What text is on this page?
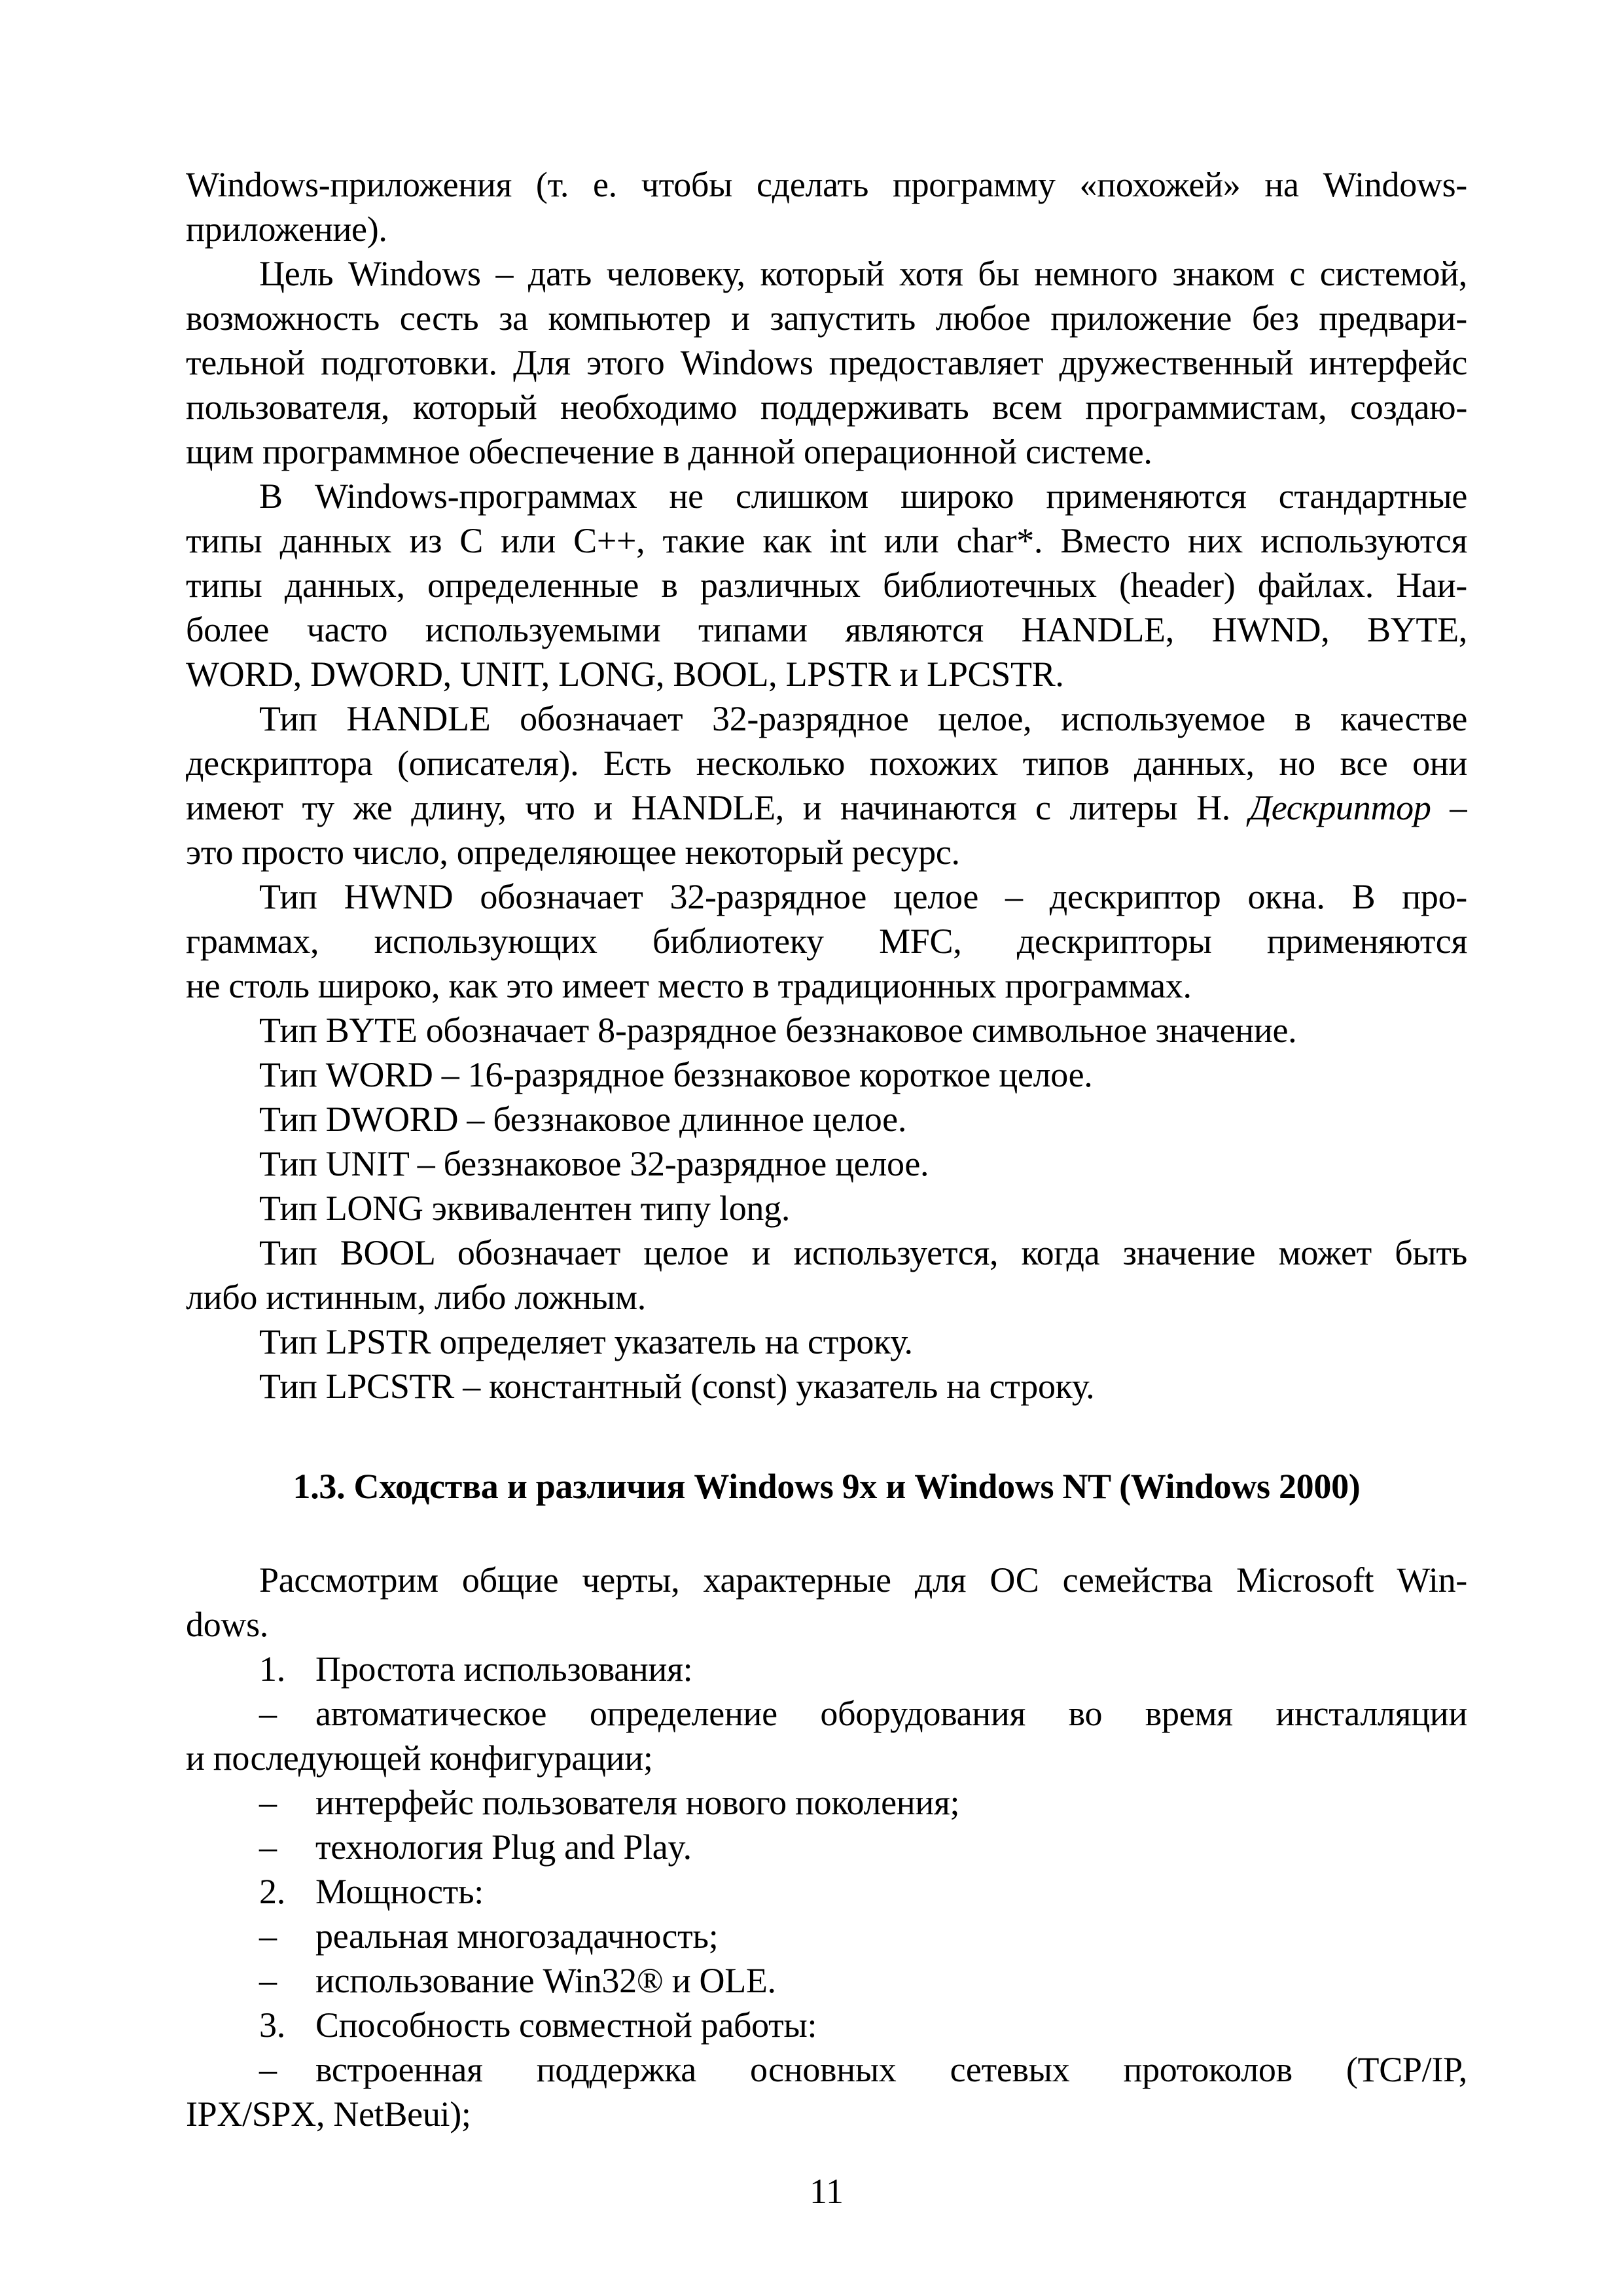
Windows-приложения (т. е. чтобы сделать программу «похожей» на Windows-
приложение).
Цель Windows – дать человеку, который хотя бы немного знаком с системой,
возможность сесть за компьютер и запустить любое приложение без предвари-
тельной подготовки. Для этого Windows предоставляет дружественный интерфейс
пользователя, который необходимо поддерживать всем программистам, создаю-
щим программное обеспечение в данной операционной системе.
В Windows-программах не слишком широко применяются стандартные
типы данных из C или C++, такие как int или char*. Вместо них используются
типы данных, определенные в различных библиотечных (header) файлах. Наи-
более часто используемыми типами являются HANDLE, HWND, BYTE,
WORD, DWORD, UNIT, LONG, BOOL, LPSTR и LPCSTR.
Тип HANDLE обозначает 32-разрядное целое, используемое в качестве
дескриптора (описателя). Есть несколько похожих типов данных, но все они
имеют ту же длину, что и HANDLE, и начинаются с литеры H. Дескриптор –
это просто число, определяющее некоторый ресурс.
Тип HWND обозначает 32-разрядное целое – дескриптор окна. В про-
граммах, использующих библиотеку MFC, дескрипторы применяются
не столь широко, как это имеет место в традиционных программах.
Тип BYTE обозначает 8-разрядное беззнаковое символьное значение.
Тип WORD – 16-разрядное беззнаковое короткое целое.
Тип DWORD – беззнаковое длинное целое.
Тип UNIT – беззнаковое 32-разрядное целое.
Тип LONG эквивалентен типу long.
Тип BOOL обозначает целое и используется, когда значение может быть
либо истинным, либо ложным.
Тип LPSTR определяет указатель на строку.
Тип LPCSTR – константный (const) указатель на строку.
1.3. Сходства и различия Windows 9x и Windows NT (Windows 2000)
Рассмотрим общие черты, характерные для ОС семейства Microsoft Win-
dows.
1. Простота использования:
– автоматическое определение оборудования во время инсталляции
и последующей конфигурации;
– интерфейс пользователя нового поколения;
– технология Plug and Play.
2. Мощность:
– реальная многозадачность;
– использование Win32® и OLE.
3. Способность совместной работы:
– встроенная поддержка основных сетевых протоколов (TCP/IP,
IPX/SPX, NetBeui);
11
